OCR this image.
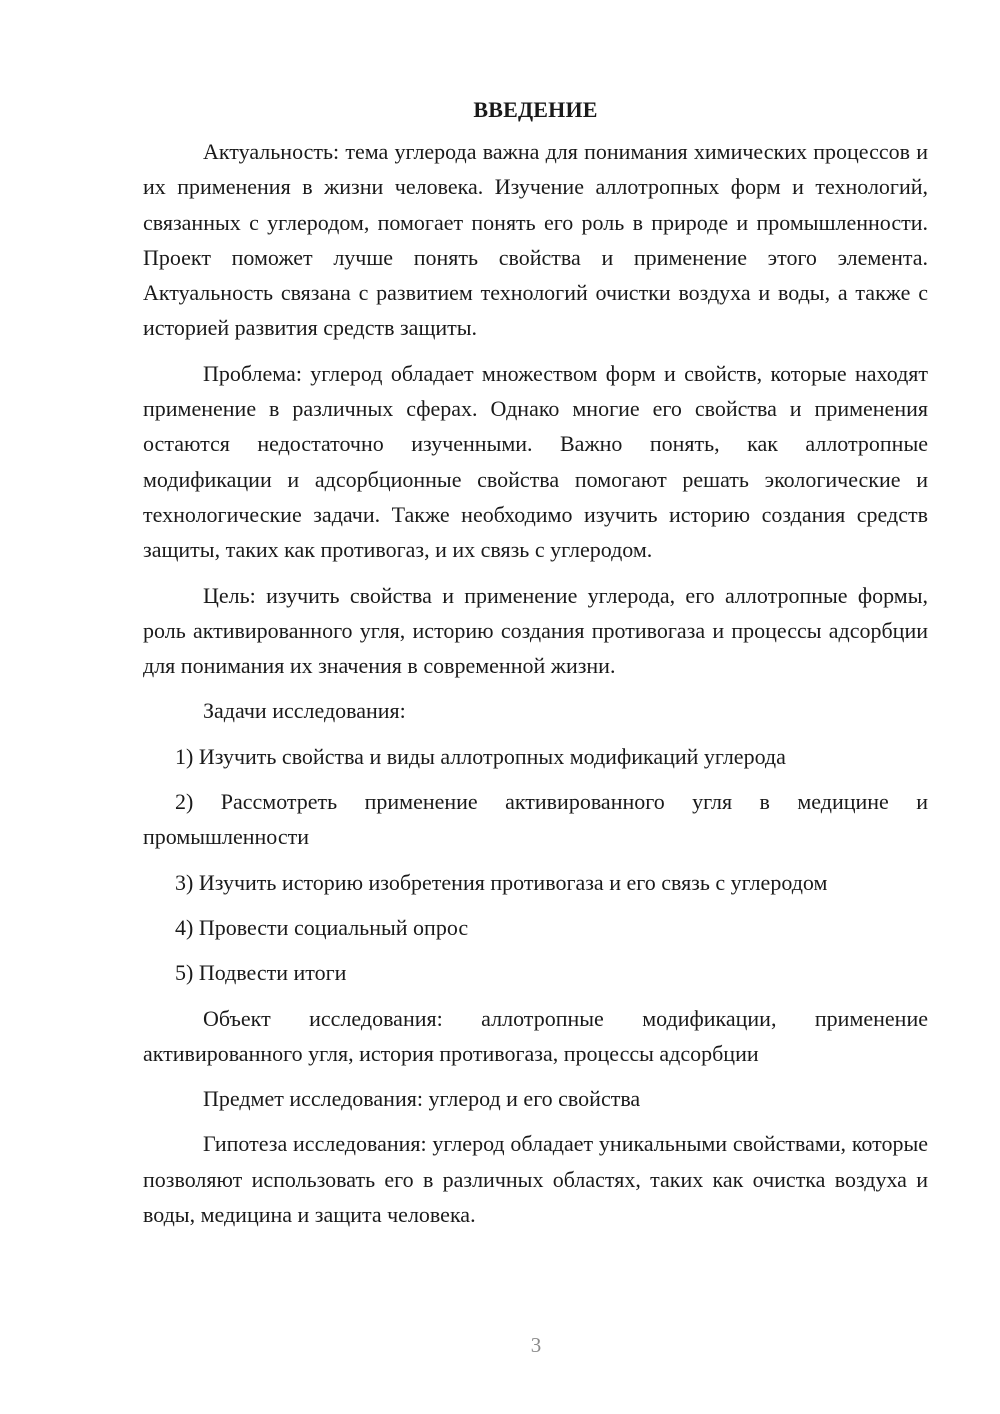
ВВЕДЕНИЕ

Актуальность: тема углерода важна для понимания химических процессов и их применения в жизни человека. Изучение аллотропных форм и технологий, связанных с углеродом, помогает понять его роль в природе и промышленности. Проект поможет лучше понять свойства и применение этого элемента. Актуальность связана с развитием технологий очистки воздуха и воды, а также с историей развития средств защиты.

Проблема: углерод обладает множеством форм и свойств, которые находят применение в различных сферах. Однако многие его свойства и применения остаются недостаточно изученными. Важно понять, как аллотропные модификации и адсорбционные свойства помогают решать экологические и технологические задачи. Также необходимо изучить историю создания средств защиты, таких как противогаз, и их связь с углеродом.

Цель: изучить свойства и применение углерода, его аллотропные формы, роль активированного угля, историю создания противогаза и процессы адсорбции для понимания их значения в современной жизни.

Задачи исследования:

1) Изучить свойства и виды аллотропных модификаций углерода

2) Рассмотреть применение активированного угля в медицине и промышленности

3) Изучить историю изобретения противогаза и его связь с углеродом

4) Провести социальный опрос

5) Подвести итоги

Объект исследования: аллотропные модификации, применение активированного угля, история противогаза, процессы адсорбции

Предмет исследования: углерод и его свойства

Гипотеза исследования: углерод обладает уникальными свойствами, которые позволяют использовать его в различных областях, таких как очистка воздуха и воды, медицина и защита человека.

3
